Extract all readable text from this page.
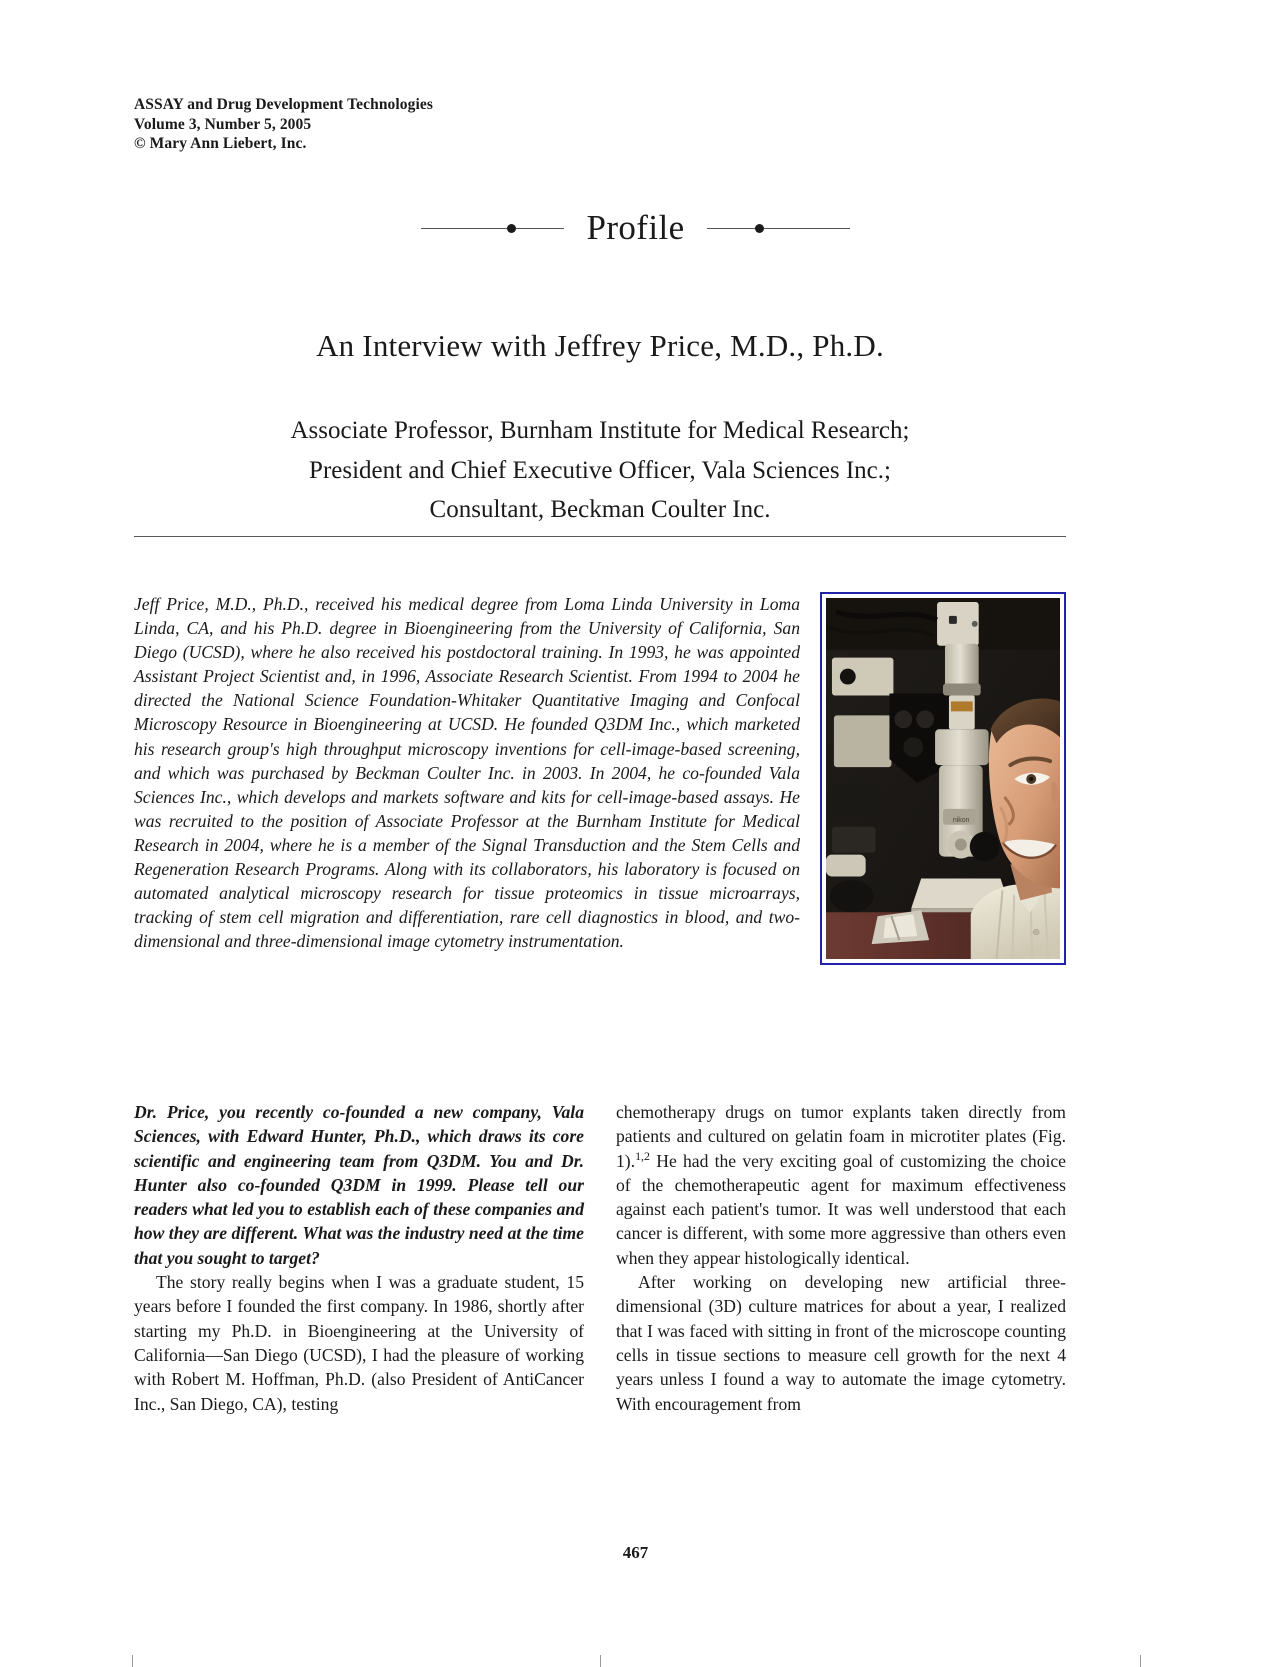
ASSAY and Drug Development Technologies
Volume 3, Number 5, 2005
© Mary Ann Liebert, Inc.
Profile
An Interview with Jeffrey Price, M.D., Ph.D.
Associate Professor, Burnham Institute for Medical Research;
President and Chief Executive Officer, Vala Sciences Inc.;
Consultant, Beckman Coulter Inc.
nikon
Jeff Price, M.D., Ph.D., received his medical degree from Loma Linda University in Loma Linda, CA, and his Ph.D. degree in Bioengineering from the University of California, San Diego (UCSD), where he also received his postdoctoral training. In 1993, he was appointed Assistant Project Scientist and, in 1996, Associate Research Scientist. From 1994 to 2004 he directed the National Science Foundation-Whitaker Quantitative Imaging and Confocal Microscopy Resource in Bioengineering at UCSD. He founded Q3DM Inc., which marketed his research group's high throughput microscopy inventions for cell-image-based screening, and which was purchased by Beckman Coulter Inc. in 2003. In 2004, he co-founded Vala Sciences Inc., which develops and markets software and kits for cell-image-based assays. He was recruited to the position of Associate Professor at the Burnham Institute for Medical Research in 2004, where he is a member of the Signal Transduction and the Stem Cells and Regeneration Research Programs. Along with its collaborators, his laboratory is focused on automated analytical microscopy research for tissue proteomics in tissue microarrays, tracking of stem cell migration and differentiation, rare cell diagnostics in blood, and two-dimensional and three-dimensional image cytometry instrumentation.

Dr. Price, you recently co-founded a new company, Vala Sciences, with Edward Hunter, Ph.D., which draws its core scientific and engineering team from Q3DM. You and Dr. Hunter also co-founded Q3DM in 1999. Please tell our readers what led you to establish each of these companies and how they are different. What was the industry need at the time that you sought to target?

The story really begins when I was a graduate student, 15 years before I founded the first company. In 1986, shortly after starting my Ph.D. in Bioengineering at the University of California—San Diego (UCSD), I had the pleasure of working with Robert M. Hoffman, Ph.D. (also President of AntiCancer Inc., San Diego, CA), testing

chemotherapy drugs on tumor explants taken directly from patients and cultured on gelatin foam in microtiter plates (Fig. 1).$^{1,2}$ He had the very exciting goal of customizing the choice of the chemotherapeutic agent for maximum effectiveness against each patient's tumor. It was well understood that each cancer is different, with some more aggressive than others even when they appear histologically identical.

After working on developing new artificial three-dimensional (3D) culture matrices for about a year, I realized that I was faced with sitting in front of the microscope counting cells in tissue sections to measure cell growth for the next 4 years unless I found a way to automate the image cytometry. With encouragement from

467
